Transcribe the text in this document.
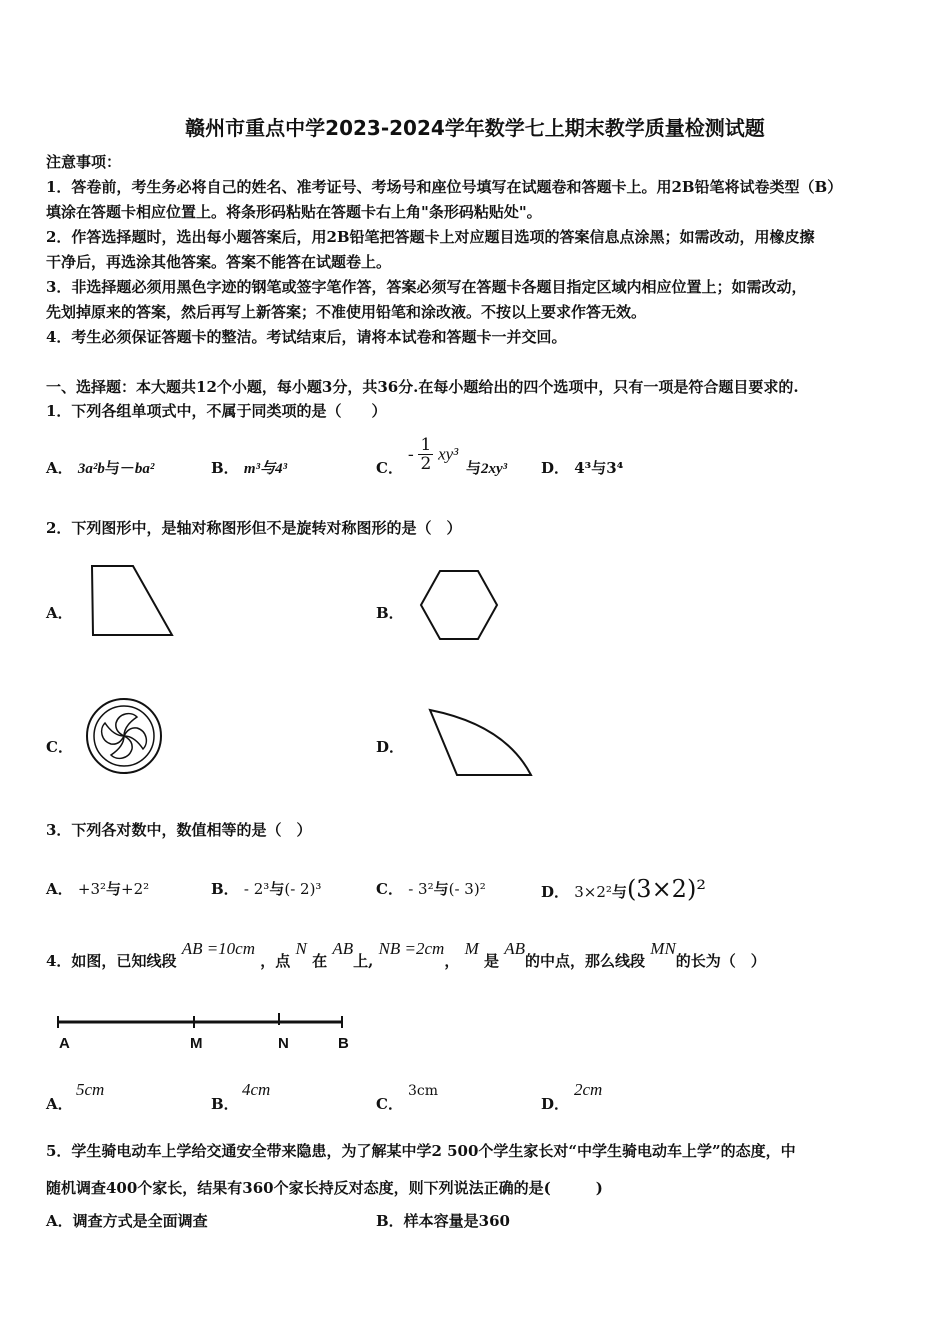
赣州市重点中学2023-2024学年数学七上期末教学质量检测试题
注意事项：
1．答卷前，考生务必将自己的姓名、准考证号、考场号和座位号填写在试题卷和答题卡上。用2B铅笔将试卷类型（B）
填涂在答题卡相应位置上。将条形码粘贴在答题卡右上角"条形码粘贴处"。
2．作答选择题时，选出每小题答案后，用2B铅笔把答题卡上对应题目选项的答案信息点涂黑；如需改动，用橡皮擦
干净后，再选涂其他答案。答案不能答在试题卷上。
3．非选择题必须用黑色字迹的钢笔或签字笔作答，答案必须写在答题卡各题目指定区域内相应位置上；如需改动，
先划掉原来的答案，然后再写上新答案；不准使用铅笔和涂改液。不按以上要求作答无效。
4．考生必须保证答题卡的整洁。考试结束后，请将本试卷和答题卡一并交回。
一、选择题：本大题共12个小题，每小题3分，共36分.在每小题给出的四个选项中，只有一项是符合题目要求的.
1．下列各组单项式中，不属于同类项的是（　　）
A． 3a²b与－ba²	B． m³与4³	C．
- $\frac{1}{2} xy^3$
与2xy³ D． 4³与3⁴
2．下列图形中，是轴对称图形但不是旋转对称图形的是（　）
A．	B．
C．	D．
3．下列各对数中，数值相等的是（　）
A． +3²与+2²	B． - 2³与(- 2)³	C． - 3²与(- 3)²	D． 3×2²与(3×2)²
4．如图，已知线段 AB =10cm ，点 N 在 AB上, NB =2cm， M 是 AB的中点，那么线段 MN的长为（　）
A	M	N	B
A．
5cm
B．
4cm
C．
3cm
D．
2cm
5．学生骑电动车上学给交通安全带来隐患，为了解某中学2 500个学生家长对“中学生骑电动车上学”的态度，中
随机调查400个家长，结果有360个家长持反对态度，则下列说法正确的是(　　　)
A．调查方式是全面调查	B．样本容量是360
